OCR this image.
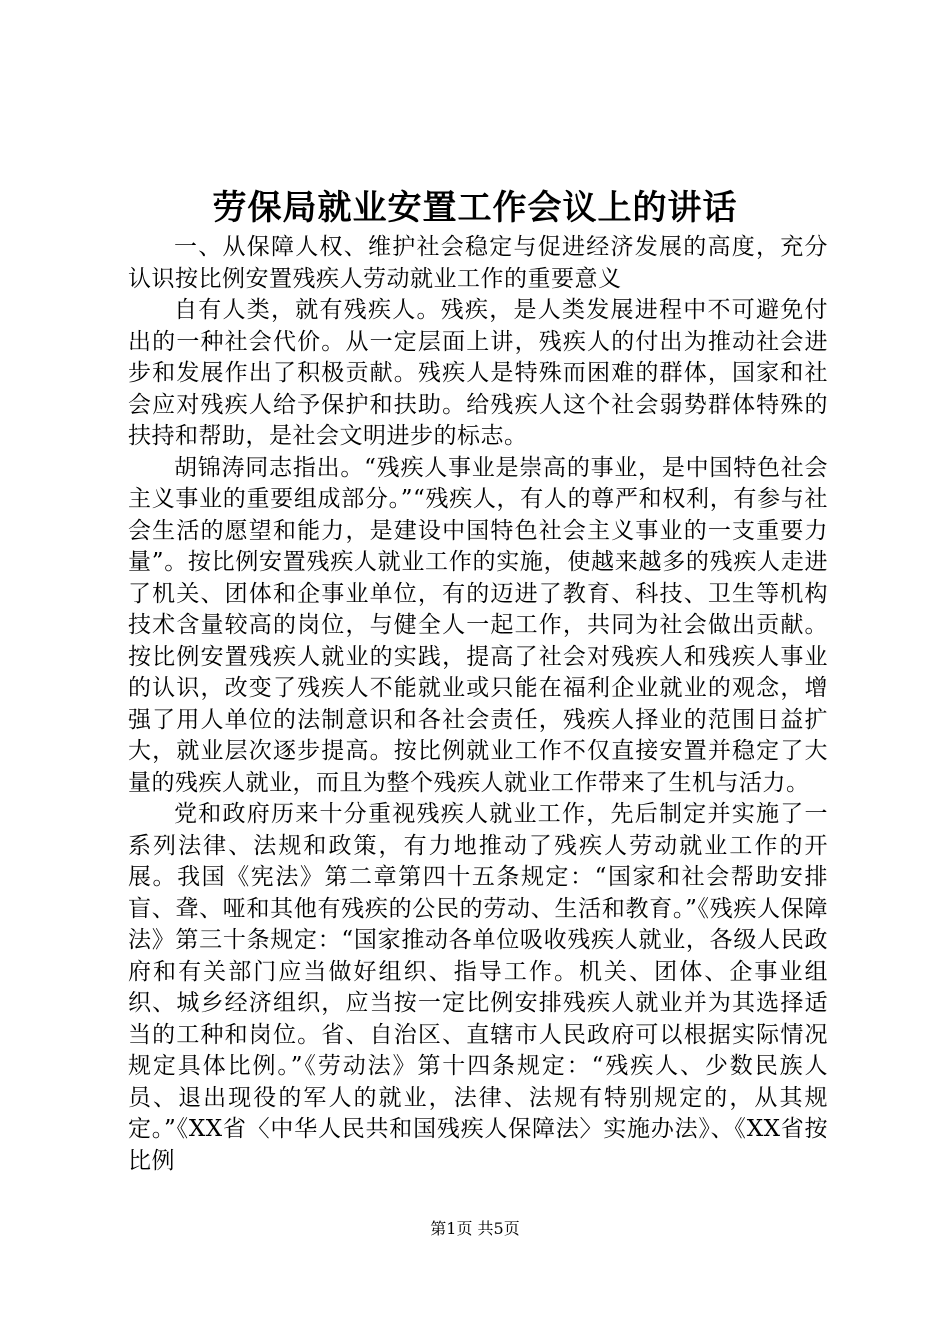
劳保局就业安置工作会议上的讲话

一、从保障人权、维护社会稳定与促进经济发展的高度，充分认识按比例安置残疾人劳动就业工作的重要意义

自有人类，就有残疾人。残疾，是人类发展进程中不可避免付出的一种社会代价。从一定层面上讲，残疾人的付出为推动社会进步和发展作出了积极贡献。残疾人是特殊而困难的群体，国家和社会应对残疾人给予保护和扶助。给残疾人这个社会弱势群体特殊的扶持和帮助，是社会文明进步的标志。

胡锦涛同志指出。“残疾人事业是崇高的事业，是中国特色社会主义事业的重要组成部分。”“残疾人，有人的尊严和权利，有参与社会生活的愿望和能力，是建设中国特色社会主义事业的一支重要力量”。按比例安置残疾人就业工作的实施，使越来越多的残疾人走进了机关、团体和企事业单位，有的迈进了教育、科技、卫生等机构技术含量较高的岗位，与健全人一起工作，共同为社会做出贡献。按比例安置残疾人就业的实践，提高了社会对残疾人和残疾人事业的认识，改变了残疾人不能就业或只能在福利企业就业的观念，增强了用人单位的法制意识和各社会责任，残疾人择业的范围日益扩大，就业层次逐步提高。按比例就业工作不仅直接安置并稳定了大量的残疾人就业，而且为整个残疾人就业工作带来了生机与活力。

党和政府历来十分重视残疾人就业工作，先后制定并实施了一系列法律、法规和政策，有力地推动了残疾人劳动就业工作的开展。我国《宪法》第二章第四十五条规定：“国家和社会帮助安排盲、聋、哑和其他有残疾的公民的劳动、生活和教育。”《残疾人保障法》第三十条规定：“国家推动各单位吸收残疾人就业，各级人民政府和有关部门应当做好组织、指导工作。机关、团体、企事业组织、城乡经济组织，应当按一定比例安排残疾人就业并为其选择适当的工种和岗位。省、自治区、直辖市人民政府可以根据实际情况规定具体比例。”《劳动法》第十四条规定：“残疾人、少数民族人员、退出现役的军人的就业，法律、法规有特别规定的，从其规定。”《XX省〈中华人民共和国残疾人保障法〉实施办法》、《XX省按比例

第1页 共5页
